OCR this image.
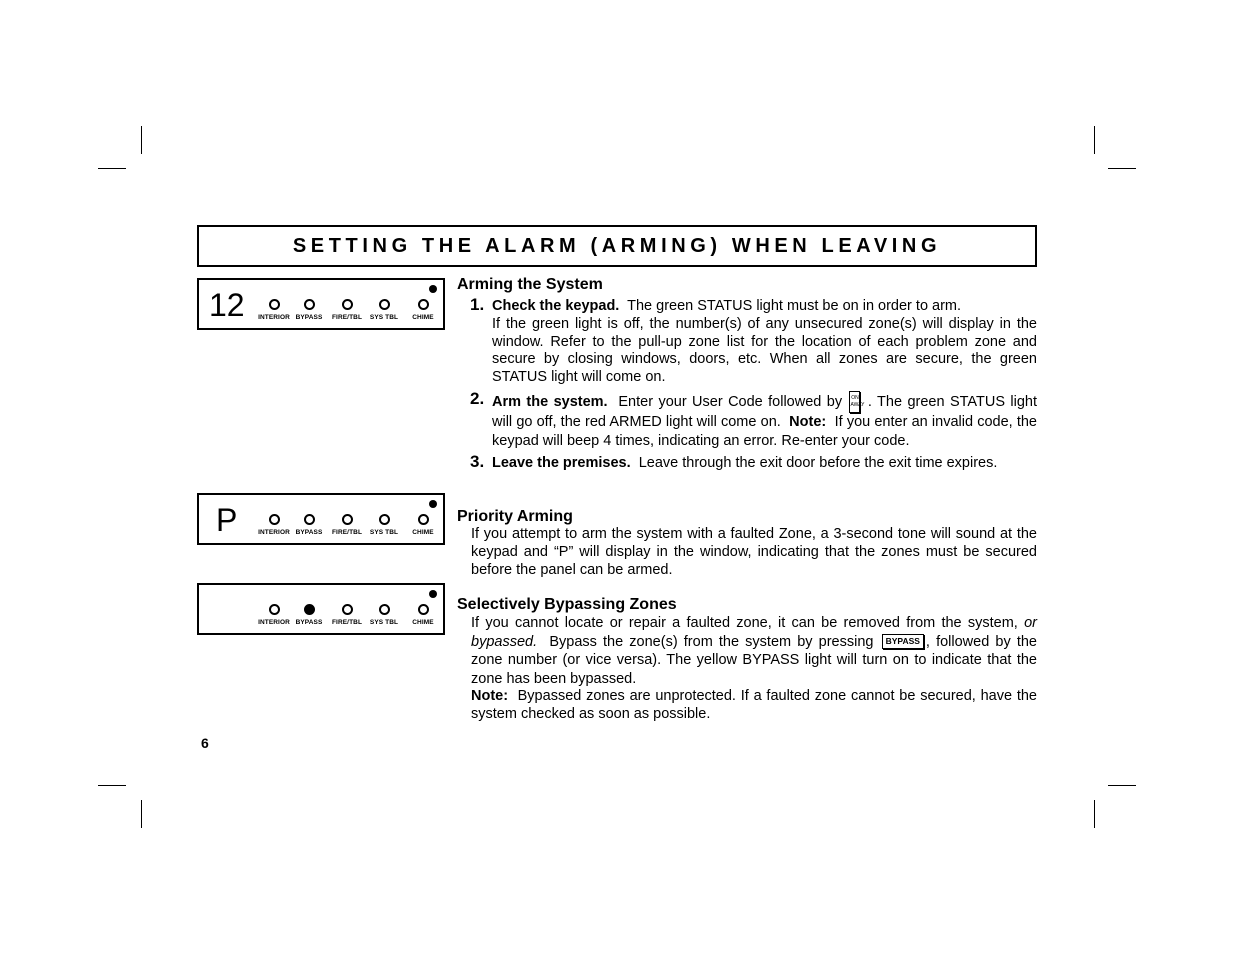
SETTING THE ALARM (ARMING) WHEN LEAVING
12 INTERIOR BYPASS FIRE/TBL SYS TBL CHIME
P	INTERIOR BYPASS FIRE/TBL SYS TBL CHIME
INTERIOR BYPASS FIRE/TBL SYS TBL CHIME
Arming the System
1. Check the keypad. The green STATUS light must be on in order to arm.
If the green light is off, the number(s) of any unsecured zone(s) will display in the window. Refer to the pull-up zone list for the location of each problem zone and secure by closing windows, doors, etc. When all zones are secure, the green STATUS light will come on.
2. Arm the system. Enter your User Code followed by ON
AWAY . The green STATUS light will go off, the red ARMED light will come on. Note: If you enter an invalid code, the keypad will beep 4 times, indicating an error. Re-enter your code.
3. Leave the premises. Leave through the exit door before the exit time expires.
Priority Arming
If you attempt to arm the system with a faulted Zone, a 3-second tone will sound at the keypad and “P” will display in the window, indicating that the zones must be secured before the panel can be armed.
Selectively Bypassing Zones
If you cannot locate or repair a faulted zone, it can be removed from the system, or bypassed. Bypass the zone(s) from the system by pressing BYPASS , followed by the zone number (or vice versa). The yellow BYPASS light will turn on to indicate that the zone has been bypassed.
Note: Bypassed zones are unprotected. If a faulted zone cannot be secured, have the system checked as soon as possible.
6
